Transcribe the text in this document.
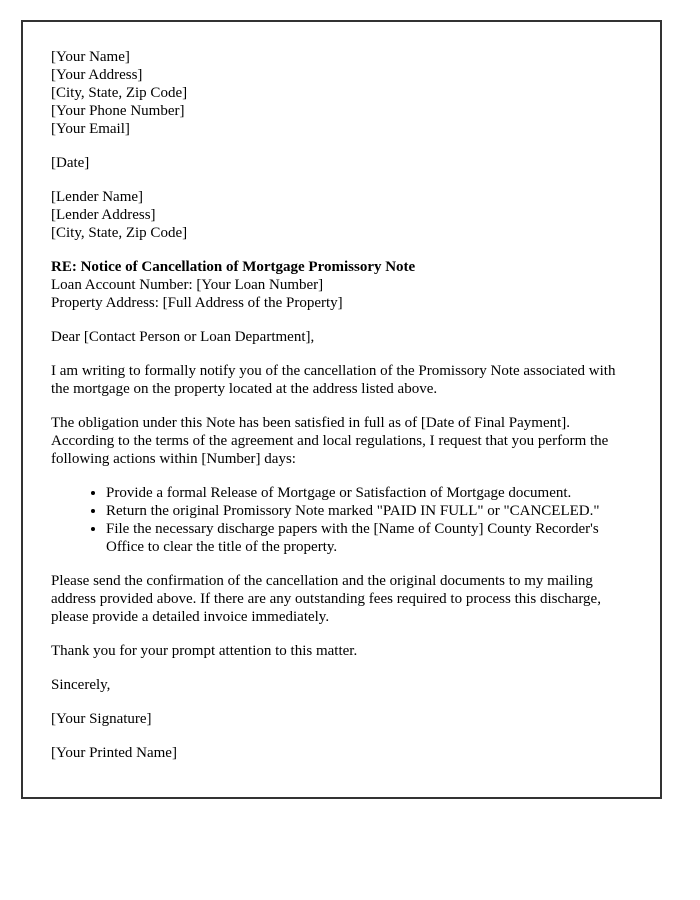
[Your Name]
[Your Address]
[City, State, Zip Code]
[Your Phone Number]
[Your Email]
[Date]
[Lender Name]
[Lender Address]
[City, State, Zip Code]
RE: Notice of Cancellation of Mortgage Promissory Note
Loan Account Number: [Your Loan Number]
Property Address: [Full Address of the Property]

Dear [Contact Person or Loan Department],

I am writing to formally notify you of the cancellation of the Promissory Note associated with the mortgage on the property located at the address listed above.

The obligation under this Note has been satisfied in full as of [Date of Final Payment]. According to the terms of the agreement and local regulations, I request that you perform the following actions within [Number] days:

• Provide a formal Release of Mortgage or Satisfaction of Mortgage document.
• Return the original Promissory Note marked "PAID IN FULL" or "CANCELED."
• File the necessary discharge papers with the [Name of County] County Recorder's Office to clear the title of the property.

Please send the confirmation of the cancellation and the original documents to my mailing address provided above. If there are any outstanding fees required to process this discharge, please provide a detailed invoice immediately.

Thank you for your prompt attention to this matter.

Sincerely,

[Your Signature]

[Your Printed Name]
